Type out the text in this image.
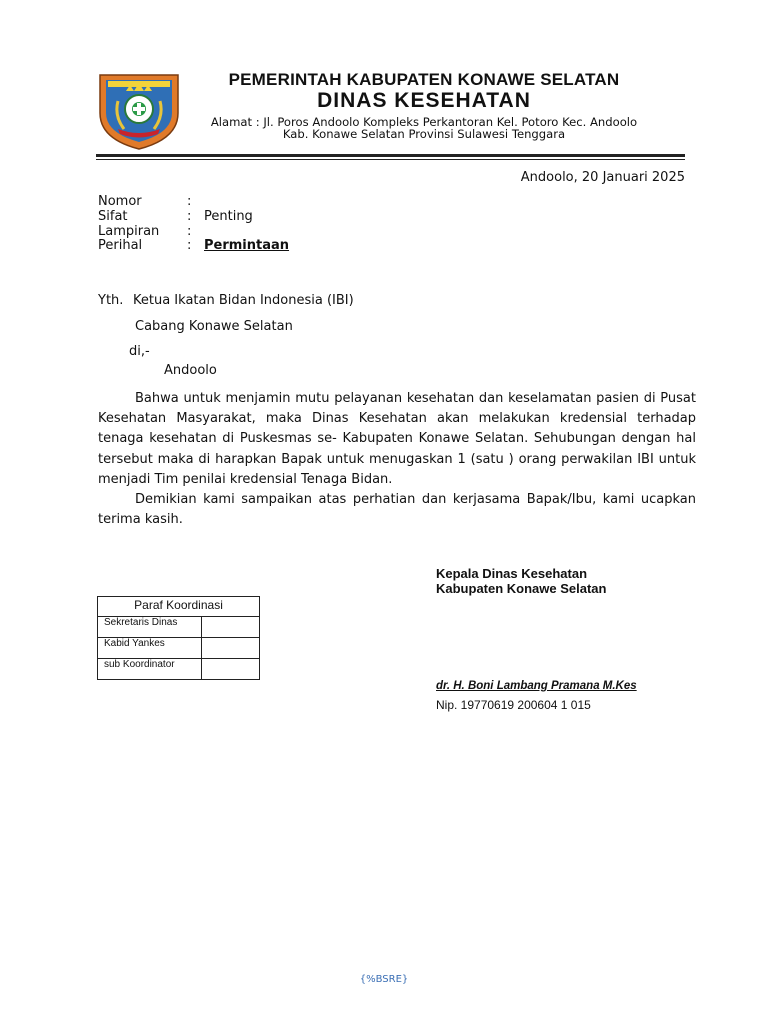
PEMERINTAH KABUPATEN KONAWE SELATAN
DINAS KESEHATAN
Alamat : Jl. Poros Andoolo Kompleks Perkantoran Kel. Potoro Kec. Andoolo
Kab. Konawe Selatan Provinsi Sulawesi Tenggara
Andoolo, 20 Januari 2025
Nomor	:
Sifat	: Penting
Lampiran :
Perihal	: Permintaan
Yth. Ketua Ikatan Bidan Indonesia (IBI)
Cabang Konawe Selatan
di,-
Andoolo

Bahwa untuk menjamin mutu pelayanan kesehatan dan keselamatan pasien di Pusat Kesehatan Masyarakat, maka Dinas Kesehatan akan melakukan kredensial terhadap tenaga kesehatan di Puskesmas se- Kabupaten Konawe Selatan. Sehubungan dengan hal tersebut maka di harapkan Bapak untuk menugaskan 1 (satu ) orang perwakilan IBI untuk menjadi Tim penilai kredensial Tenaga Bidan.

Demikian kami sampaikan atas perhatian dan kerjasama Bapak/Ibu, kami ucapkan terima kasih.

Kepala Dinas Kesehatan
Kabupaten Konawe Selatan
dr. H. Boni Lambang Pramana M.Kes
Nip. 19770619 200604 1 015
Paraf Koordinasi	
Sekretaris Dinas	
Kabid Yankes	
sub Koordinator	
{%BSRE}
